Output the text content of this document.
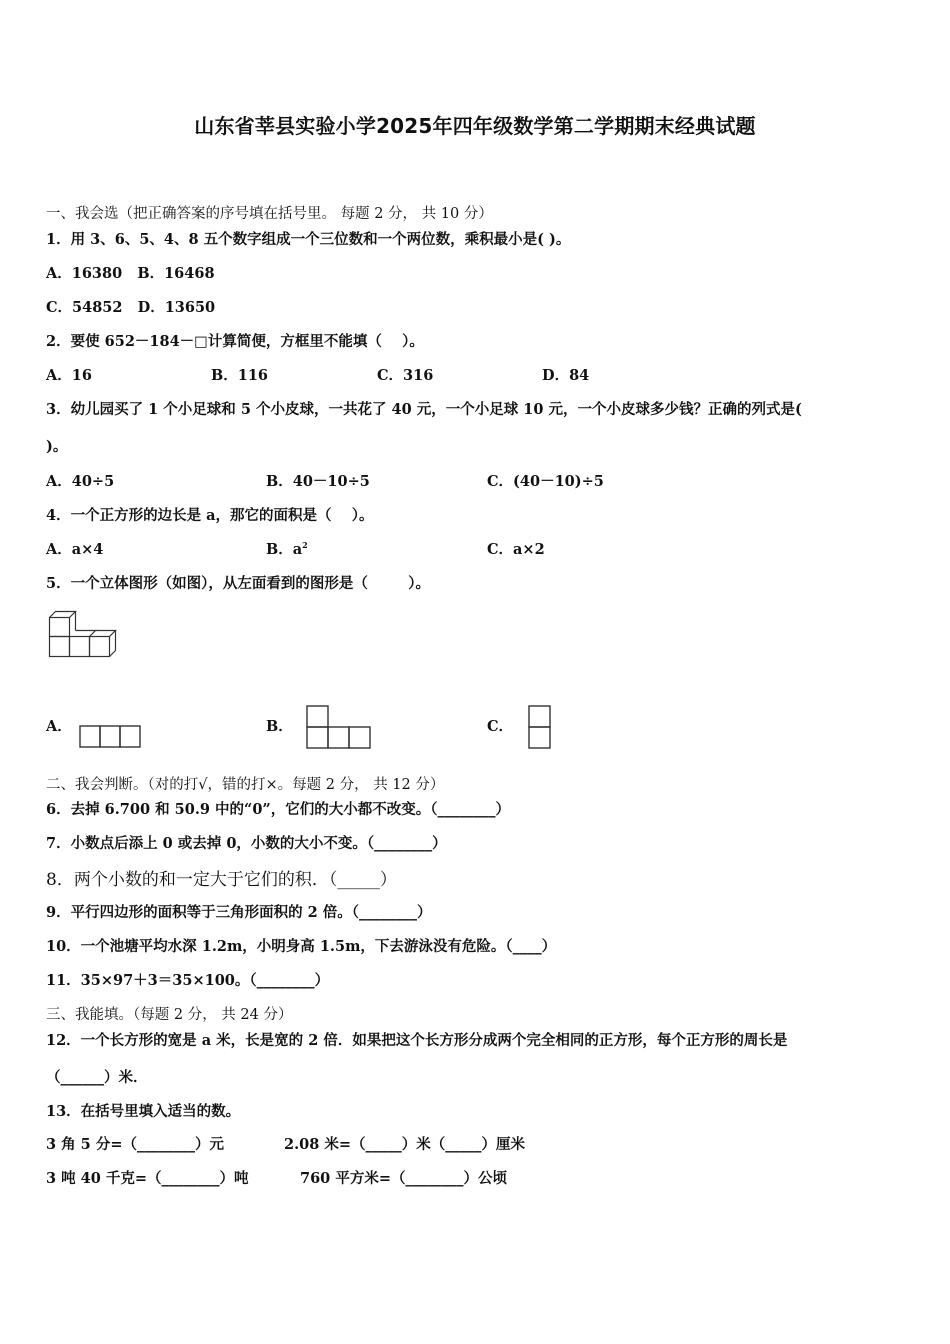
山东省莘县实验小学2025年四年级数学第二学期期末经典试题
一、我会选（把正确答案的序号填在括号里。 每题 2 分， 共 10 分）
1．用 3、6、5、4、8 五个数字组成一个三位数和一个两位数，乘积最小是( )。
A．16380   B．16468
C．54852   D．13650
2．要使 652－184－□计算简便，方框里不能填（    ）。
A．16	B．116	C．316	D．84
3．幼儿园买了 1 个小足球和 5 个小皮球，一共花了 40 元，一个小足球 10 元，一个小皮球多少钱？正确的列式是(
)。
A．40÷5	B．40－10÷5	C．(40－10)÷5
4．一个正方形的边长是 a，那它的面积是（    ）。
A．a×4	B．$a^2$	C．a×2
5．一个立体图形（如图），从左面看到的图形是（        ）。
A．	B．	C．
二、我会判断。（对的打√，错的打×。每题 2 分， 共 12 分）
6．去掉 6.700 和 50.9 中的“0”，它们的大小都不改变。（________）
7．小数点后添上 0 或去掉 0，小数的大小不变。（________）
8．两个小数的和一定大于它们的积．（_____）
9．平行四边形的面积等于三角形面积的 2 倍。（________）
10．一个池塘平均水深 1.2m，小明身高 1.5m，下去游泳没有危险。（____）
11．35×97＋3＝35×100。（________）
三、我能填。（每题 2 分， 共 24 分）
12．一个长方形的宽是 a 米，长是宽的 2 倍．如果把这个长方形分成两个完全相同的正方形，每个正方形的周长是
（______）米．
13．在括号里填入适当的数。
3 角 5 分=（________）元	2.08 米=（_____）米（_____）厘米
3 吨 40 千克=（________）吨	760 平方米=（________）公顷
